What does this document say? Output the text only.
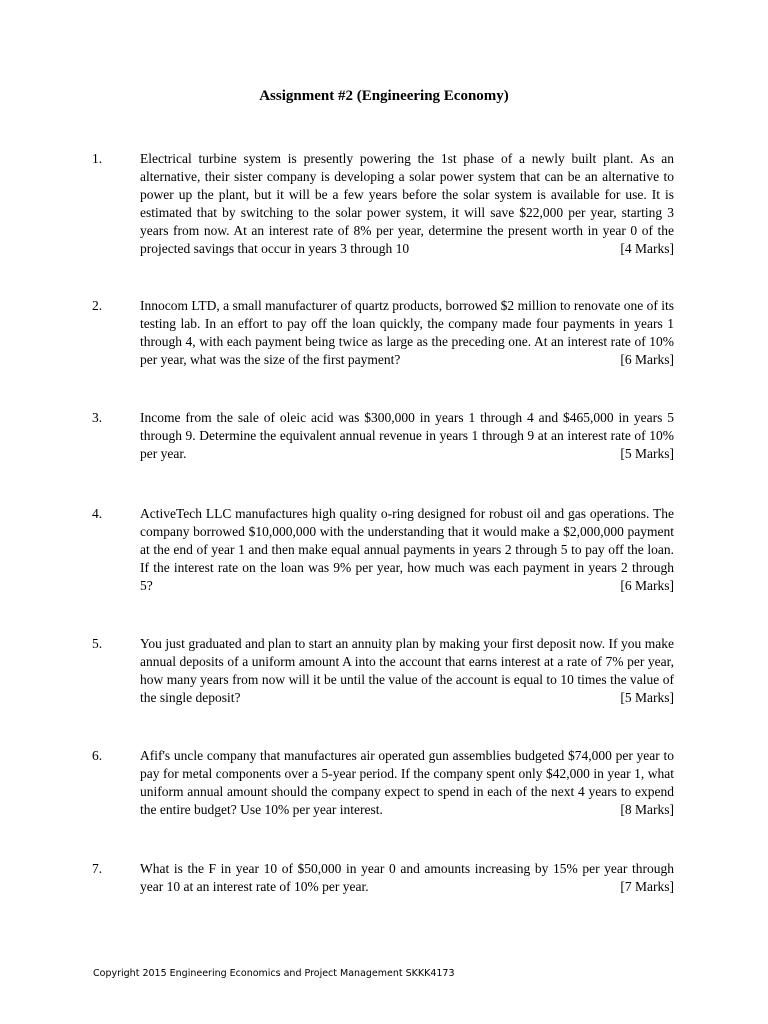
Assignment #2 (Engineering Economy)
1.	Electrical turbine system is presently powering the 1st phase of a newly built plant. As an alternative, their sister company is developing a solar power system that can be an alternative to power up the plant, but it will be a few years before the solar system is available for use. It is estimated that by switching to the solar power system, it will save $22,000 per year, starting 3 years from now. At an interest rate of 8% per year, determine the present worth in year 0 of the projected savings that occur in years 3 through 10	[4 Marks]
2.	Innocom LTD, a small manufacturer of quartz products, borrowed $2 million to renovate one of its testing lab. In an effort to pay off the loan quickly, the company made four payments in years 1 through 4, with each payment being twice as large as the preceding one. At an interest rate of 10% per year, what was the size of the first payment?	[6 Marks]
3.	Income from the sale of oleic acid was $300,000 in years 1 through 4 and $465,000 in years 5 through 9. Determine the equivalent annual revenue in years 1 through 9 at an interest rate of 10% per year.	[5 Marks]
4.	ActiveTech LLC manufactures high quality o-ring designed for robust oil and gas operations. The company borrowed $10,000,000 with the understanding that it would make a $2,000,000 payment at the end of year 1 and then make equal annual payments in years 2 through 5 to pay off the loan. If the interest rate on the loan was 9% per year, how much was each payment in years 2 through 5?	[6 Marks]
5.	You just graduated and plan to start an annuity plan by making your first deposit now. If you make annual deposits of a uniform amount A into the account that earns interest at a rate of 7% per year, how many years from now will it be until the value of the account is equal to 10 times the value of the single deposit?	[5 Marks]
6.	Afif's uncle company that manufactures air operated gun assemblies budgeted $74,000 per year to pay for metal components over a 5-year period. If the company spent only $42,000 in year 1, what uniform annual amount should the company expect to spend in each of the next 4 years to expend the entire budget? Use 10% per year interest.	[8 Marks]
7.	What is the F in year 10 of $50,000 in year 0 and amounts increasing by 15% per year through year 10 at an interest rate of 10% per year.	[7 Marks]
Copyright 2015 Engineering Economics and Project Management SKKK4173
